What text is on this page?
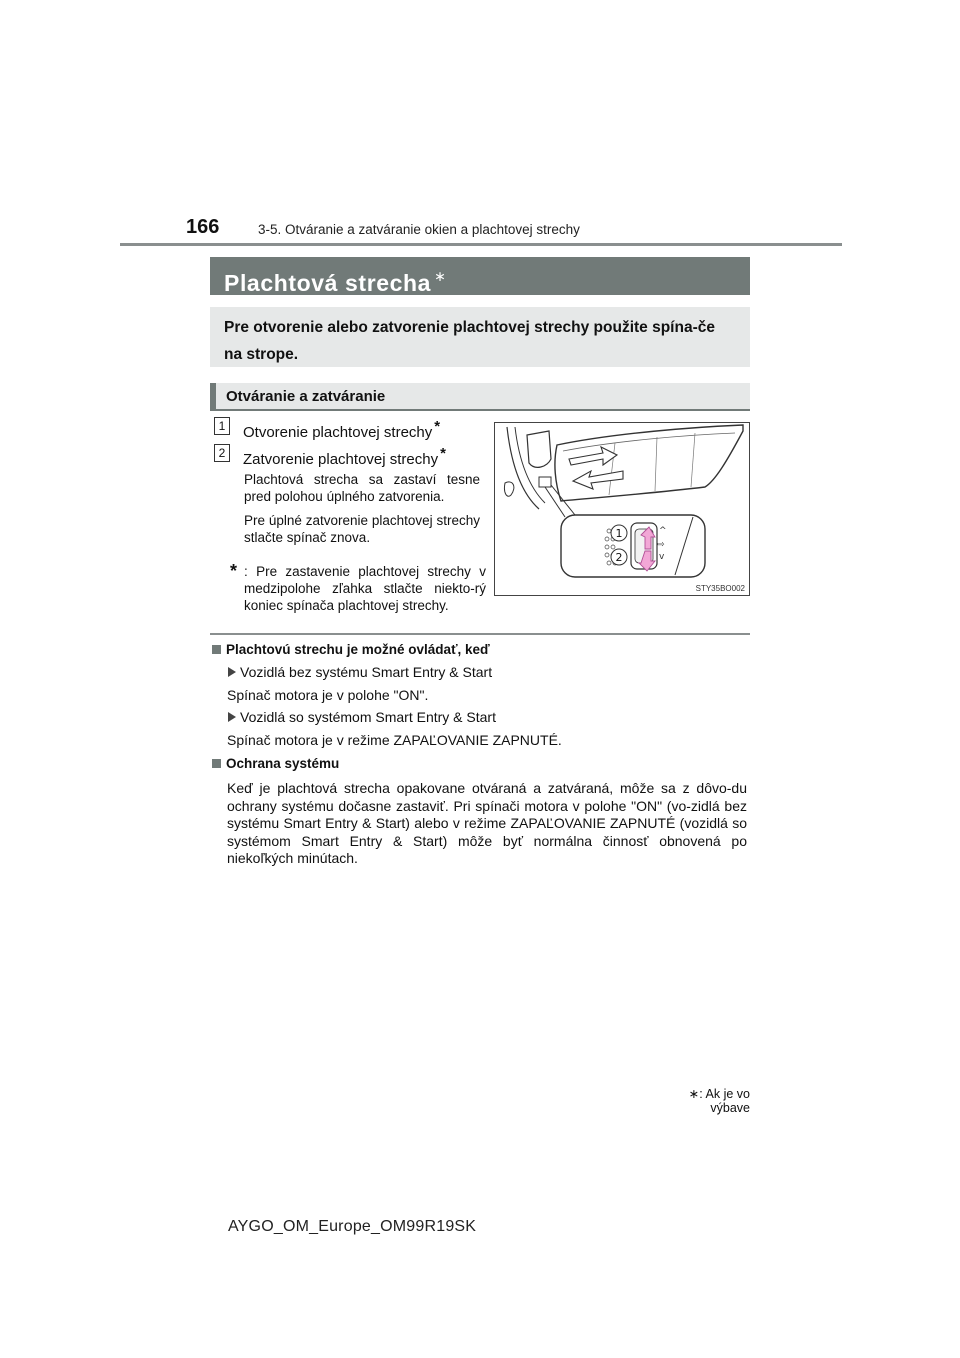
166	3-5. Otváranie a zatváranie okien a plachtovej strechy
Plachtová strecha ∗
Pre otvorenie alebo zatvorenie plachtovej strechy použite spína-če na strope.
Otváranie a zatváranie
1	Otvorenie plachtovej strechy *
2	Zatvorenie plachtovej strechy *
Plachtová strecha sa zastaví tesne pred polohou úplného zatvorenia.
Pre úplné zatvorenie plachtovej strechy stlačte spínač znova.
* : Pre zastavenie plachtovej strechy v medzipolohe zľahka stlačte niekto-rý koniec spínača plachtovej strechy.
^
⇨
v
1
2
STY35BO002
Plachtovú strechu je možné ovládať, keď
Vozidlá bez systému Smart Entry & Start
Spínač motora je v polohe "ON".
Vozidlá so systémom Smart Entry & Start
Spínač motora je v režime ZAPAĽOVANIE ZAPNUTÉ.
Ochrana systému
Keď je plachtová strecha opakovane otváraná a zatváraná, môže sa z dôvo-du ochrany systému dočasne zastaviť. Pri spínači motora v polohe "ON" (vo-zidlá bez systému Smart Entry & Start) alebo v režime ZAPAĽOVANIE ZAPNUTÉ (vozidlá so systémom Smart Entry & Start) môže byť normálna činnosť obnovená po niekoľkých minútach.
∗: Ak je vo výbave
AYGO_OM_Europe_OM99R19SK
